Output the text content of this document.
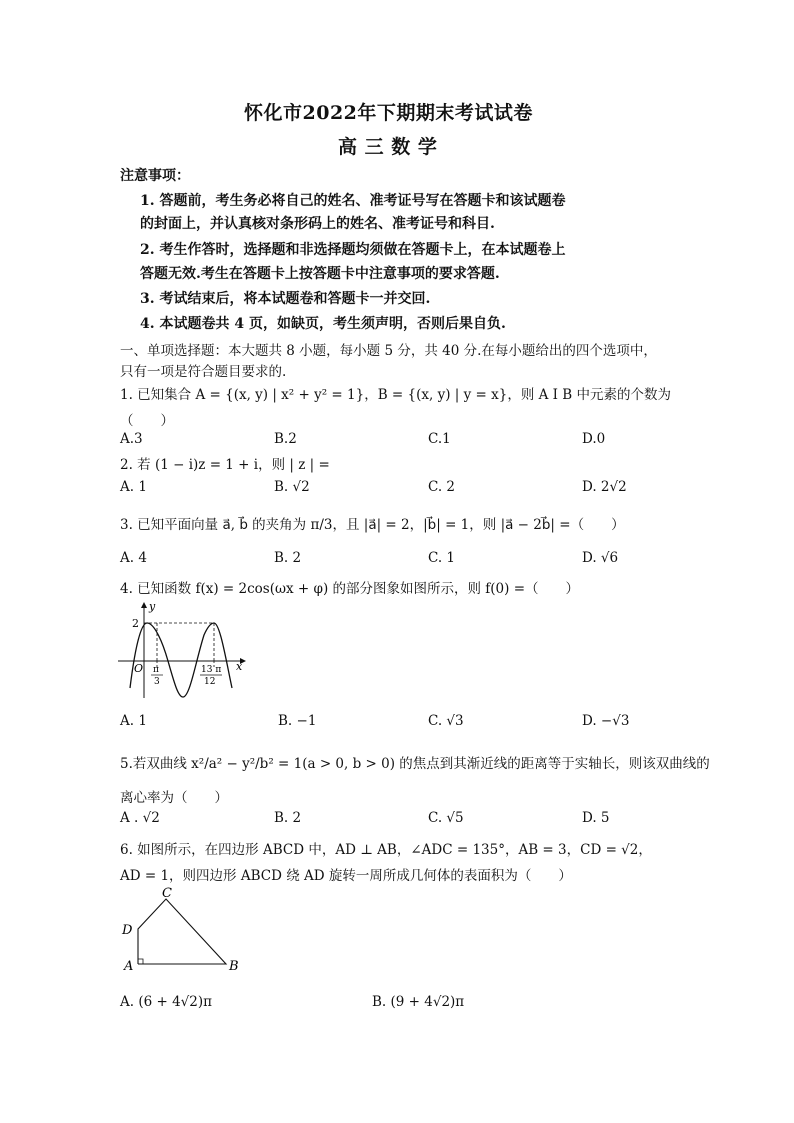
怀化市2022年下期期末考试试卷
高 三 数 学
注意事项：
1. 答题前，考生务必将自己的姓名、准考证号写在答题卡和该试题卷
的封面上，并认真核对条形码上的姓名、准考证号和科目.
2. 考生作答时，选择题和非选择题均须做在答题卡上，在本试题卷上
答题无效.考生在答题卡上按答题卡中注意事项的要求答题.
3. 考试结束后，将本试题卷和答题卡一并交回.
4. 本试题卷共 4 页，如缺页，考生须声明，否则后果自负.
一、单项选择题：本大题共 8 小题，每小题 5 分，共 40 分.在每小题给出的四个选项中，
只有一项是符合题目要求的.
1. 已知集合 A = {(x, y) | x² + y² = 1}，B = {(x, y) | y = x}，则 A I B 中元素的个数为
（　　）
A.3	B.2	C.1	D.0
2. 若 (1 − i)z = 1 + i，则 | z | =
A. 1	B. √2	C. 2	D. 2√2
3. 已知平面向量 a⃗, b⃗ 的夹角为 π/3，且 |a⃗| = 2，|b⃗| = 1，则 |a⃗ − 2b⃗| =（　　）
A. 4	B. 2	C. 1	D. √6
4. 已知函数 f(x) = 2cos(ωx + φ) 的部分图象如图所示，则 f(0) =（　　）
y
x
2
O π
3
13 π
12
A. 1	B. −1	C. √3	D. −√3
5.若双曲线 x²/a² − y²/b² = 1(a > 0, b > 0) 的焦点到其渐近线的距离等于实轴长，则该双曲线的
离心率为（　　）
A . √2	B. 2	C. √5	D. 5
6. 如图所示，在四边形 ABCD 中，AD ⊥ AB，∠ADC = 135°，AB = 3，CD = √2，
AD = 1，则四边形 ABCD 绕 AD 旋转一周所成几何体的表面积为（　　）
A	B
C
D
A. (6 + 4√2)π	B. (9 + 4√2)π
